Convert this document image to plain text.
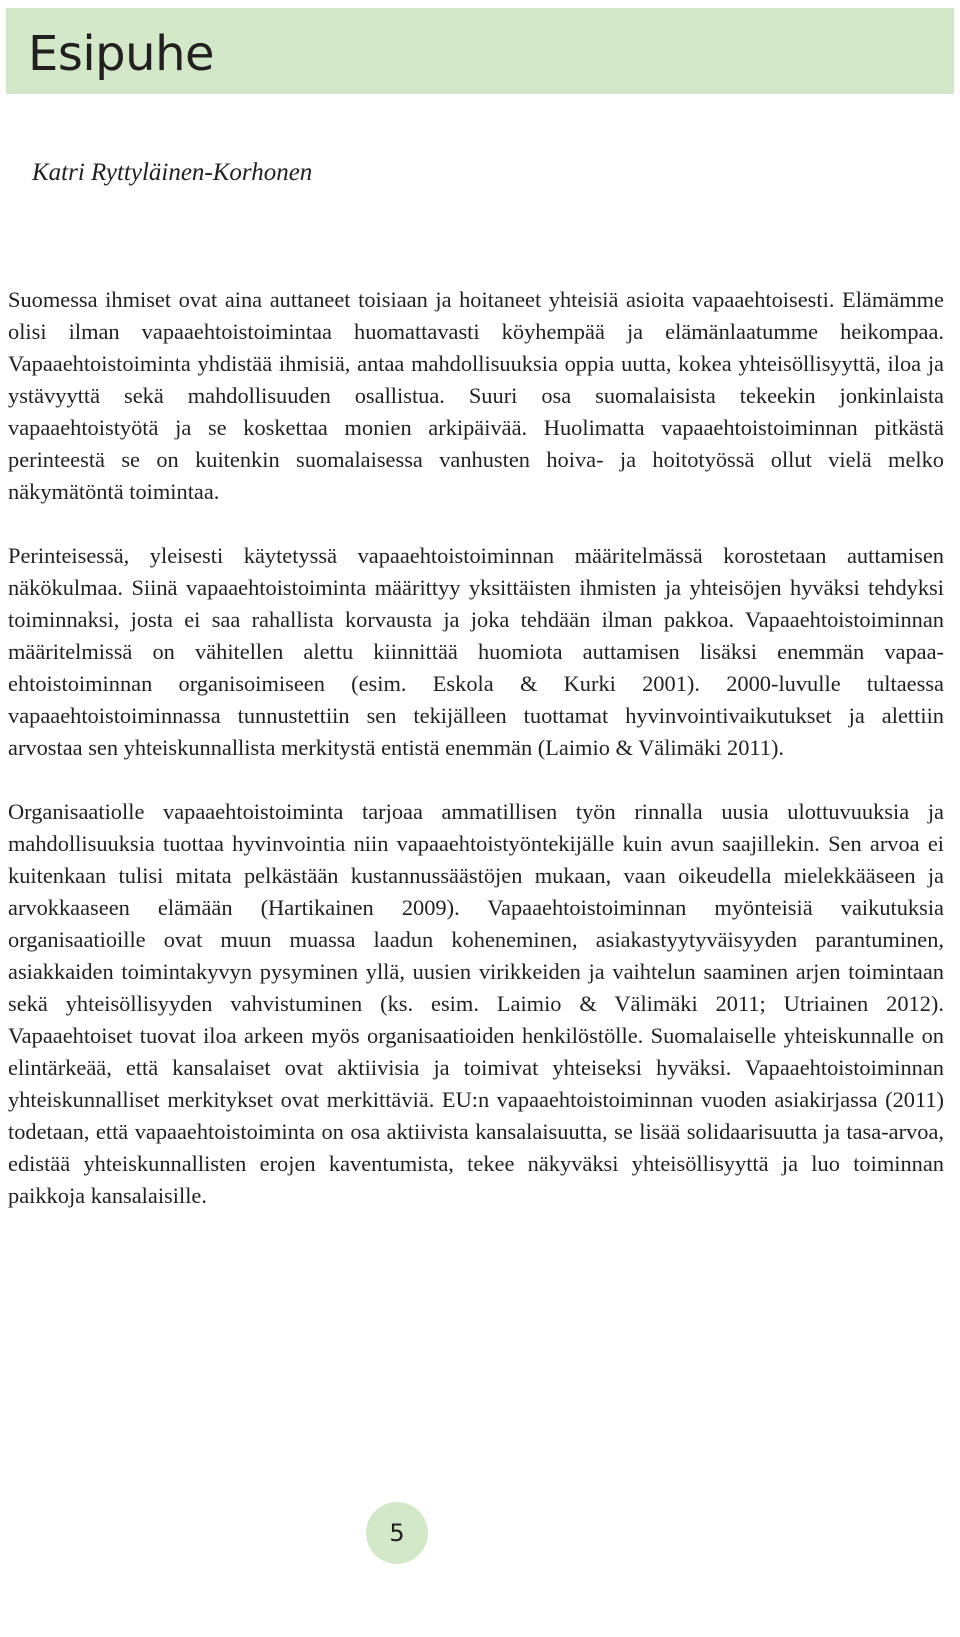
Esipuhe

Katri Ryttyläinen-Korhonen

Suomessa ihmiset ovat aina auttaneet toisiaan ja hoitaneet yhteisiä asioita vapaaehtoisesti. Elämämme olisi ilman vapaaehtoistoimintaa huomattavasti köyhempää ja elämänlaatumme heikompaa. Vapaaehtoistoiminta yhdistää ihmisiä, antaa mahdollisuuksia oppia uutta, kokea yhteisöllisyyttä, iloa ja ystävyyttä sekä mahdollisuuden osallistua. Suuri osa suomalaisista tekeekin jonkinlaista vapaaehtoistyötä ja se koskettaa monien arkipäivää. Huolimatta vapaaehtoistoiminnan pitkästä perinteestä se on kuitenkin suomalaisessa vanhusten hoiva- ja hoitotyössä ollut vielä melko näkymätöntä toimintaa.

Perinteisessä, yleisesti käytetyssä vapaaehtoistoiminnan määritelmässä korostetaan auttamisen näkökulmaa. Siinä vapaaehtoistoiminta määrittyy yksittäisten ihmisten ja yhteisöjen hyväksi tehdyksi toiminnaksi, josta ei saa rahallista korvausta ja joka tehdään ilman pakkoa. Vapaaehtoistoiminnan määritelmissä on vähitellen alettu kiinnittää huomiota auttamisen lisäksi enemmän vapaaehtoistoiminnan organisoimiseen (esim. Eskola & Kurki 2001). 2000-luvulle tultaessa vapaaehtoistoiminnassa tunnustettiin sen tekijälleen tuottamat hyvinvointivaikutukset ja alettiin arvostaa sen yhteiskunnallista merkitystä entistä enemmän (Laimio & Välimäki 2011).

Organisaatiolle vapaaehtoistoiminta tarjoaa ammatillisen työn rinnalla uusia ulottuvuuksia ja mahdollisuuksia tuottaa hyvinvointia niin vapaaehtoistyöntekijälle kuin avun saajillekin. Sen arvoa ei kuitenkaan tulisi mitata pelkästään kustannussäästöjen mukaan, vaan oikeudella mielekkääseen ja arvokkaaseen elämään (Hartikainen 2009). Vapaaehtoistoiminnan myönteisiä vaikutuksia organisaatioille ovat muun muassa laadun koheneminen, asiakastyytyväisyyden parantuminen, asiakkaiden toimintakyvyn pysyminen yllä, uusien virikkeiden ja vaihtelun saaminen arjen toimintaan sekä yhteisöllisyyden vahvistuminen (ks. esim. Laimio & Välimäki 2011; Utriainen 2012). Vapaaehtoiset tuovat iloa arkeen myös organisaatioiden henkilöstölle. Suomalaiselle yhteiskunnalle on elintärkeää, että kansalaiset ovat aktiivisia ja toimivat yhteiseksi hyväksi. Vapaaehtoistoiminnan yhteiskunnalliset merkitykset ovat merkittäviä. EU:n vapaaehtoistoiminnan vuoden asiakirjassa (2011) todetaan, että vapaaehtoistoiminta on osa aktiivista kansalaisuutta, se lisää solidaarisuutta ja tasa-arvoa, edistää yhteiskunnallisten erojen kaventumista, tekee näkyväksi yhteisöllisyyttä ja luo toiminnan paikkoja kansalaisille.

5
